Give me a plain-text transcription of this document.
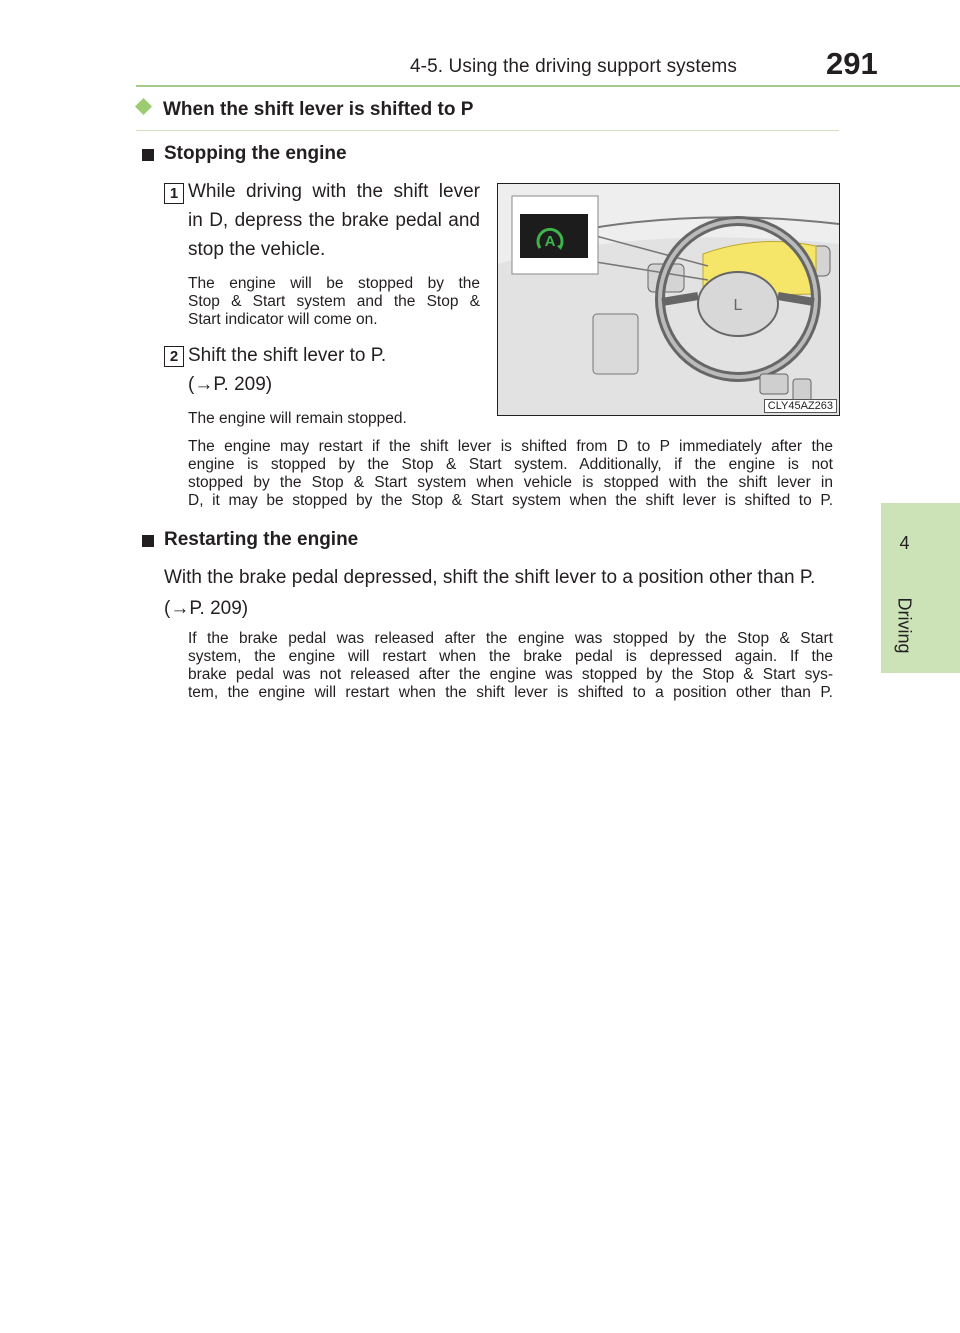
4-5. Using the driving support systems	291
4
Driving
When the shift lever is shifted to P
Stopping the engine
1 While driving with the shift lever
in D, depress the brake pedal and
stop the vehicle.
The engine will be stopped by the
Stop & Start system and the Stop &
Start indicator will come on.
2 Shift the shift lever to P.
(→P. 209)
The engine will remain stopped.
The engine may restart if the shift lever is shifted from D to P immediately after the
engine is stopped by the Stop & Start system. Additionally, if the engine is not
stopped by the Stop & Start system when vehicle is stopped with the shift lever in
D, it may be stopped by the Stop & Start system when the shift lever is shifted to P.
L
A
CLY45AZ263
Restarting the engine
With the brake pedal depressed, shift the shift lever to a position other than P.
(→P. 209)
If the brake pedal was released after the engine was stopped by the Stop & Start
system, the engine will restart when the brake pedal is depressed again. If the
brake pedal was not released after the engine was stopped by the Stop & Start sys-
tem, the engine will restart when the shift lever is shifted to a position other than P.
